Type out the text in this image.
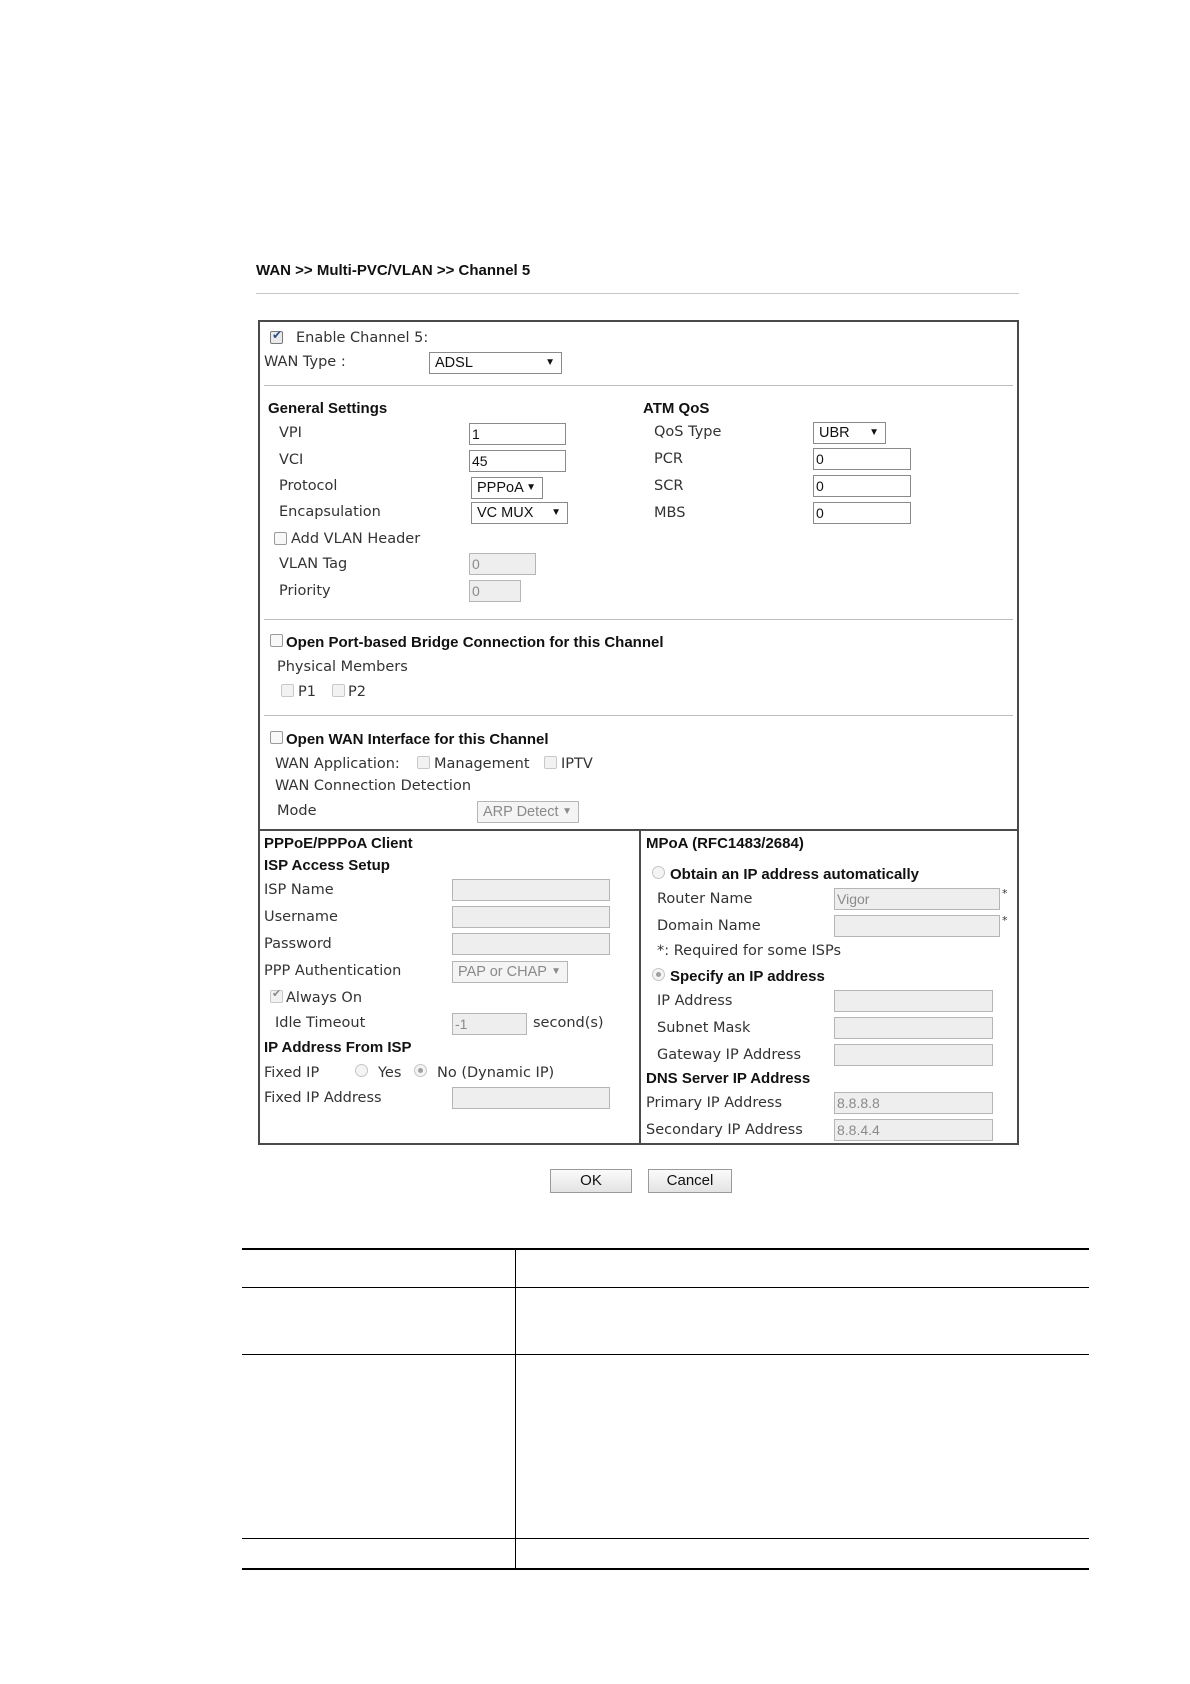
WAN >> Multi-PVC/VLAN >> Channel 5
✔
Enable Channel 5:
WAN Type :	ADSL	▼
General Settings
VPI	1
VCI	45
Protocol	PPPoA ▼
Encapsulation	VC MUX ▼
Add VLAN Header
VLAN Tag	0
Priority	0
ATM QoS
QoS Type	UBR ▼
PCR	0
SCR	0
MBS	0
Open Port-based Bridge Connection for this Channel
Physical Members
P1 P2
Open WAN Interface for this Channel
WAN Application: Management IPTV
WAN Connection Detection
Mode	ARP Detect ▼
PPPoE/PPPoA Client
ISP Access Setup
ISP Name
Username
Password
PPP Authentication	PAP or CHAP ▼
✔
Always On
Idle Timeout	-1	second(s)
IP Address From ISP
Fixed IP	Yes No (Dynamic IP)
Fixed IP Address
MPoA (RFC1483/2684)
Obtain an IP address automatically
Router Name	Vigor	*
Domain Name	*
*: Required for some ISPs
Specify an IP address
IP Address
Subnet Mask
Gateway IP Address
DNS Server IP Address
Primary IP Address	8.8.8.8
Secondary IP Address 8.8.4.4
OK	Cancel
